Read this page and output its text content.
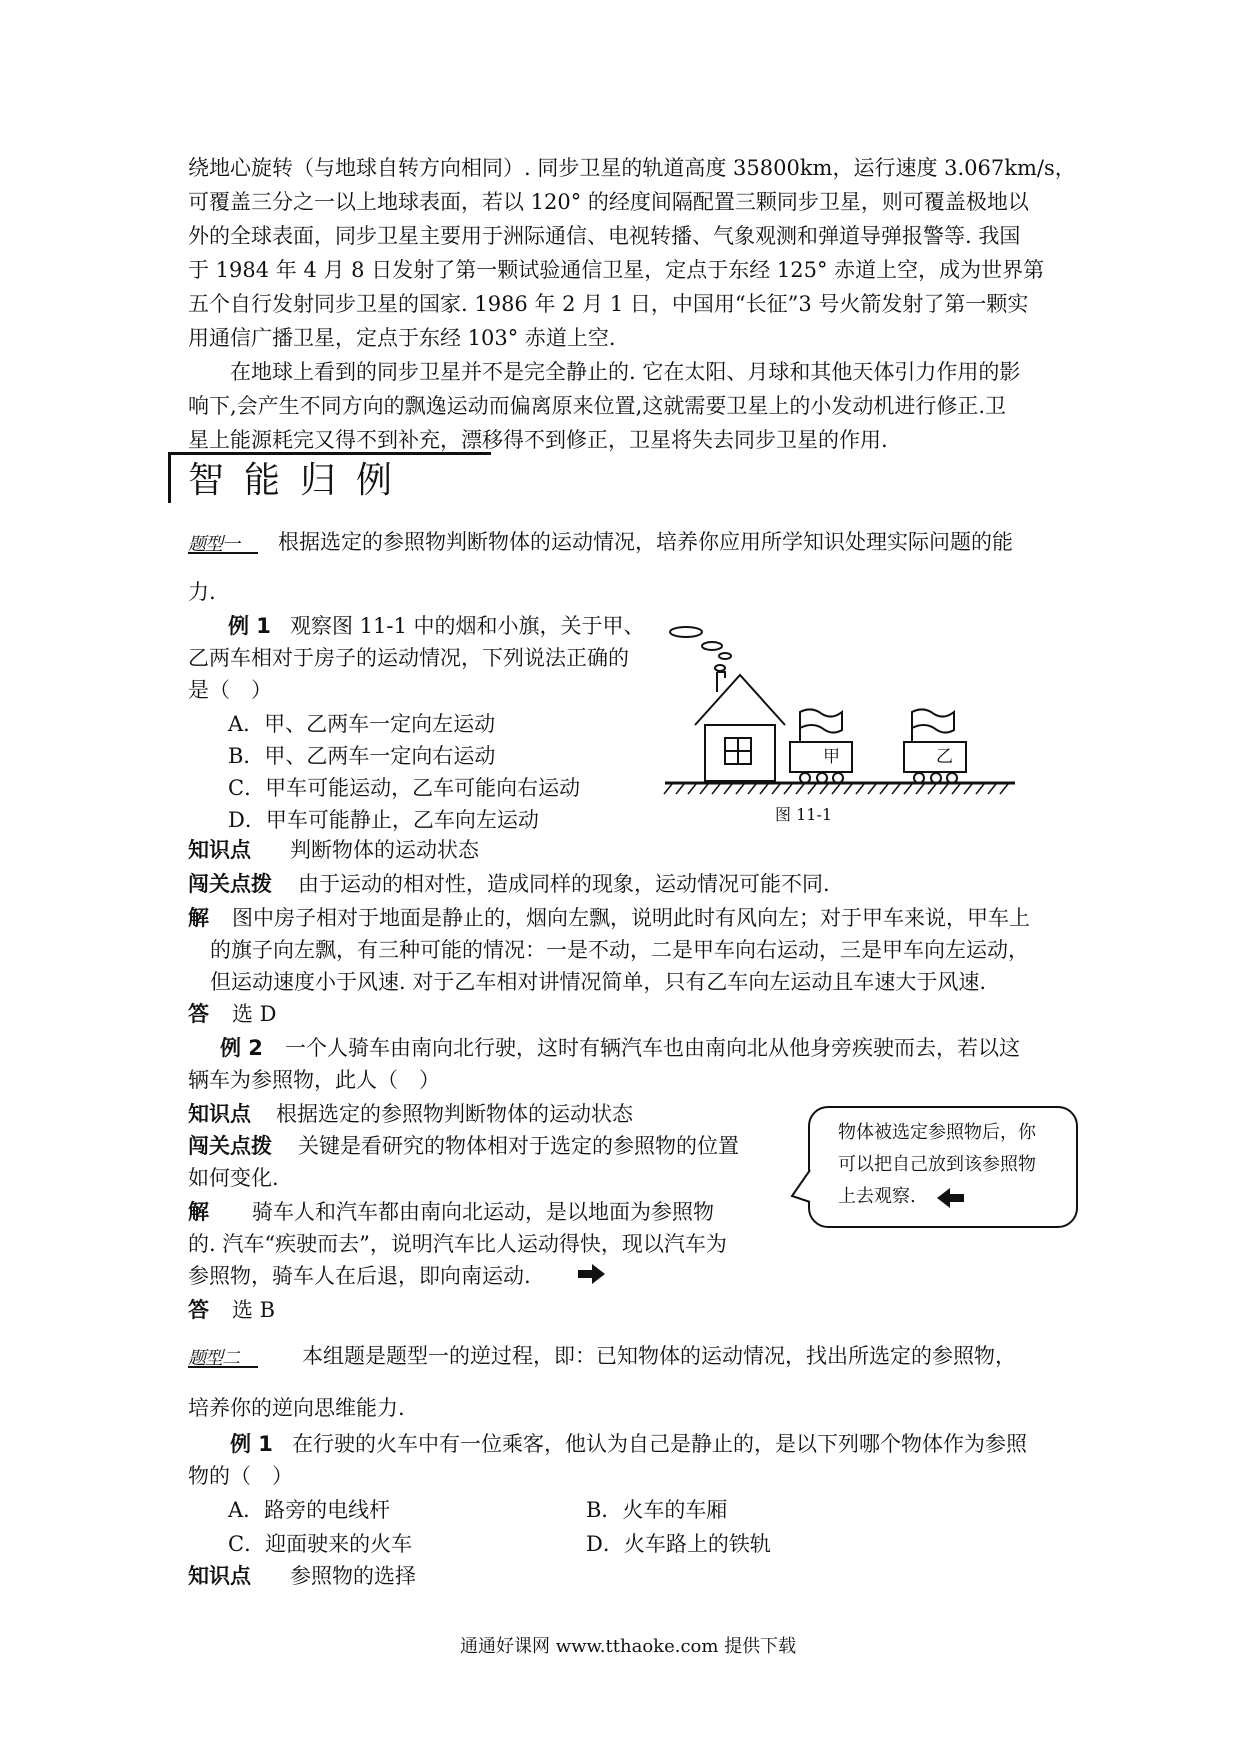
绕地心旋转（与地球自转方向相同）. 同步卫星的轨道高度 35800km，运行速度 3.067km/s，
可覆盖三分之一以上地球表面，若以 120° 的经度间隔配置三颗同步卫星，则可覆盖极地以
外的全球表面，同步卫星主要用于洲际通信、电视转播、气象观测和弹道导弹报警等. 我国
于 1984 年 4 月 8 日发射了第一颗试验通信卫星，定点于东经 125° 赤道上空，成为世界第
五个自行发射同步卫星的国家. 1986 年 2 月 1 日，中国用“长征”3 号火箭发射了第一颗实
用通信广播卫星，定点于东经 103° 赤道上空.
　　在地球上看到的同步卫星并不是完全静止的. 它在太阳、月球和其他天体引力作用的影
响下,会产生不同方向的飘逸运动而偏离原来位置,这就需要卫星上的小发动机进行修正.卫
星上能源耗完又得不到补充，漂移得不到修正，卫星将失去同步卫星的作用.
智能归例
题型一	根据选定的参照物判断物体的运动情况，培养你应用所学知识处理实际问题的能
力.
例 1 观察图 11-1 中的烟和小旗，关于甲、
乙两车相对于房子的运动情况，下列说法正确的
是（　）
A．甲、乙两车一定向左运动
B．甲、乙两车一定向右运动
C．甲车可能运动，乙车可能向右运动
D．甲车可能静止，乙车向左运动
甲	乙
图 11-1
知识点 判断物体的运动状态
闯关点拨 由于运动的相对性，造成同样的现象，运动情况可能不同.
解 图中房子相对于地面是静止的，烟向左飘，说明此时有风向左；对于甲车来说，甲车上
的旗子向左飘，有三种可能的情况：一是不动，二是甲车向右运动，三是甲车向左运动，
但运动速度小于风速. 对于乙车相对讲情况简单，只有乙车向左运动且车速大于风速.
答 选 D
例 2 一个人骑车由南向北行驶，这时有辆汽车也由南向北从他身旁疾驶而去，若以这
辆车为参照物，此人（　）
知识点 根据选定的参照物判断物体的运动状态
闯关点拨 关键是看研究的物体相对于选定的参照物的位置
如何变化.
解 骑车人和汽车都由南向北运动，是以地面为参照物
的. 汽车“疾驶而去”，说明汽车比人运动得快，现以汽车为
参照物，骑车人在后退，即向南运动.
答 选 B
物体被选定参照物后，你
可以把自己放到该参照物
上去观察.
题型二	本组题是题型一的逆过程，即：已知物体的运动情况，找出所选定的参照物，
培养你的逆向思维能力.
例 1 在行驶的火车中有一位乘客，他认为自己是静止的，是以下列哪个物体作为参照
物的（　）
A．路旁的电线杆	B．火车的车厢
C．迎面驶来的火车	D．火车路上的铁轨
知识点 参照物的选择
通通好课网 www.tthaoke.com 提供下载
